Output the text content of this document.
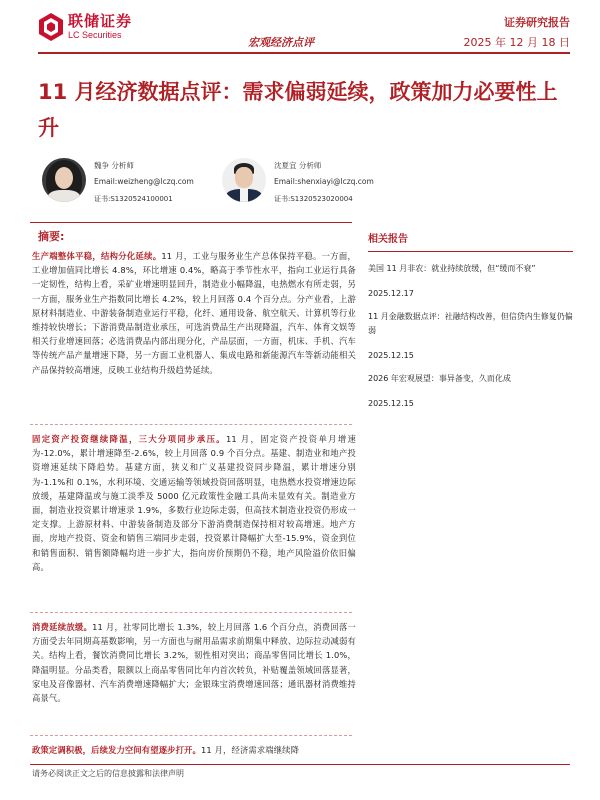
联储证券
LC Securities
宏观经济点评
证券研究报告
2025 年 12 月 18 日
11 月经济数据点评：需求偏弱延续，政策加力必要性上升
魏争 分析师
Email:weizheng@lczq.com
证书:S1320524100001
沈夏宜 分析师
Email:shenxiayi@lczq.com
证书:S1320523020004
摘要:
生产端整体平稳，结构分化延续。11 月，工业与服务业生产总体保持平稳。一方面，工业增加值同比增长 4.8%，环比增速 0.4%，略高于季节性水平，指向工业运行具备一定韧性，结构上看，采矿业增速明显回升，制造业小幅降温，电热燃水有所走弱，另一方面，服务业生产指数同比增长 4.2%，较上月回落 0.4 个百分点。分产业看，上游原材料制造业、中游装备制造业运行平稳，化纤、通用设备、航空航天、计算机等行业维持较快增长；下游消费品制造业承压，可选消费品生产出现降温，汽车、体育文娱等相关行业增速回落；必选消费品内部出现分化，产品层面，一方面，机床、手机、汽车等传统产品产量增速下降，另一方面工业机器人、集成电路和新能源汽车等新动能相关产品保持较高增速，反映工业结构升级趋势延续。
固定资产投资继续降温，三大分项同步承压。11 月，固定资产投资单月增速为-12.0%，累计增速降至-2.6%，较上月回落 0.9 个百分点。基建、制造业和地产投资增速延续下降趋势。基建方面，狭义和广义基建投资同步降温，累计增速分别为-1.1%和 0.1%，水利环境、交通运输等领域投资回落明显，电热燃水投资增速边际放缓，基建降温或与施工淡季及 5000 亿元政策性金融工具尚未显效有关。制造业方面，制造业投资累计增速录 1.9%，多数行业边际走弱，但高技术制造业投资仍形成一定支撑。上游原材料、中游装备制造及部分下游消费制造保持相对较高增速。地产方面，房地产投资、资金和销售三端同步走弱，投资累计降幅扩大至-15.9%，资金到位和销售面积、销售额降幅均进一步扩大，指向房价预期仍不稳，地产风险溢价依旧偏高。
消费延续放缓。11 月，社零同比增长 1.3%，较上月回落 1.6 个百分点，消费回落一方面受去年同期高基数影响，另一方面也与耐用品需求前期集中释放、边际拉动减弱有关。结构上看，餐饮消费同比增长 3.2%，韧性相对突出；商品零售同比增长 1.0%，降温明显。分品类看，限额以上商品零售同比年内首次转负，补贴覆盖领域回落显著，家电及音像器材、汽车消费增速降幅扩大；金银珠宝消费增速回落；通讯器材消费维持高景气。
政策定调积极，后续发力空间有望逐步打开。11 月，经济需求端继续降
相关报告
美国 11 月非农：就业持续放缓，但“缓而不衰”
2025.12.17
11 月金融数据点评：社融结构改善，但信贷内生修复仍偏弱
2025.12.15
2026 年宏观展望：事异备变，久而化成
2025.12.15
请务必阅读正文之后的信息披露和法律声明
